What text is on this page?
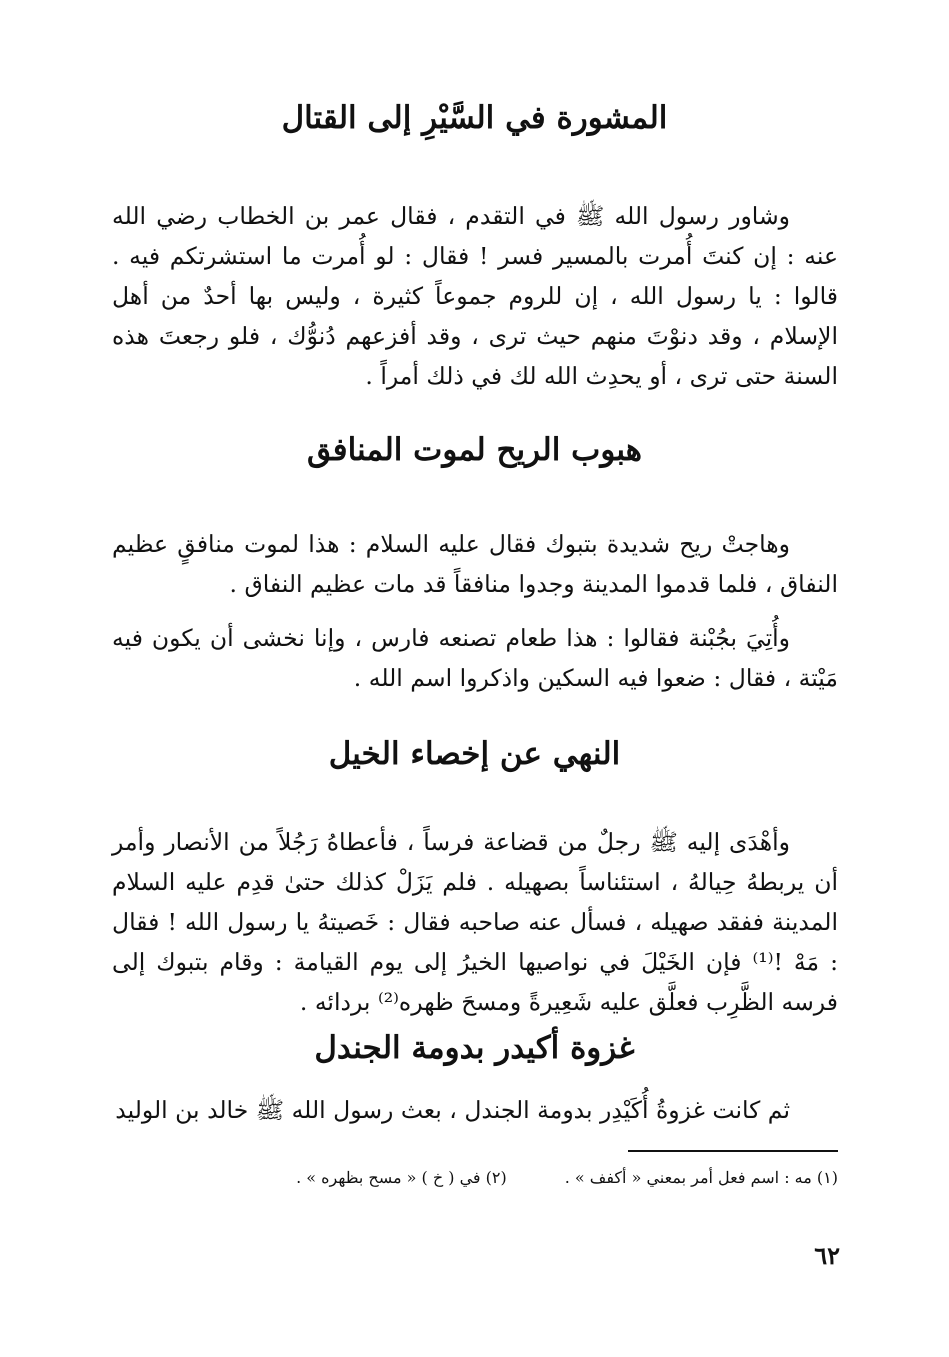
المشورة في السَّيْرِ إلى القتال

وشاور رسول الله ﷺ في التقدم ، فقال عمر بن الخطاب رضي الله عنه : إن كنتَ أُمرت بالمسير فسر ! فقال : لو أُمرت ما استشرتكم فيه . قالوا : يا رسول الله ، إن للروم جموعاً كثيرة ، وليس بها أحدٌ من أهل الإسلام ، وقد دنوْتَ منهم حيث ترى ، وقد أفزعهم دُنوُّك ، فلو رجعتَ هذه السنة حتى ترى ، أو يحدِث الله لك في ذلك أمراً .

هبوب الريح لموت المنافق

وهاجتْ ريح شديدة بتبوك فقال عليه السلام : هذا لموت منافقٍ عظيم النفاق ، فلما قدموا المدينة وجدوا منافقاً قد مات عظيم النفاق .

وأُتِيَ بجُبْنة فقالوا : هذا طعام تصنعه فارس ، وإنا نخشى أن يكون فيه مَيْتة ، فقال : ضعوا فيه السكين واذكروا اسم الله .

النهي عن إخصاء الخيل

وأهْدَى إليه ﷺ رجلٌ من قضاعة فرساً ، فأعطاهُ رَجُلاً من الأنصار وأمر أن يربطهُ حِيالهُ ، استئناساً بصهيله . فلم يَزَلْ كذلك حتىٰ قدِم عليه السلام المدينة ففقد صهيله ، فسأل عنه صاحبه فقال : خَصيتهُ يا رسول الله ! فقال : مَهْ !⁽¹⁾ فإن الخَيْلَ في نواصيها الخيرُ إلى يوم القيامة : وقام بتبوك إلى فرسه الظَّرِب فعلَّق عليه شَعِيرةً ومسحَ ظهره⁽²⁾ بردائه .

غزوة أكيدر بدومة الجندل

ثم كانت غزوةُ أُكَيْدِر بدومة الجندل ، بعث رسول الله ﷺ خالد بن الوليد

(١) مه : اسم فعل أمر بمعني « أكفف » .
(٢) في ( خ ) « مسح بظهره » .
٦٢
